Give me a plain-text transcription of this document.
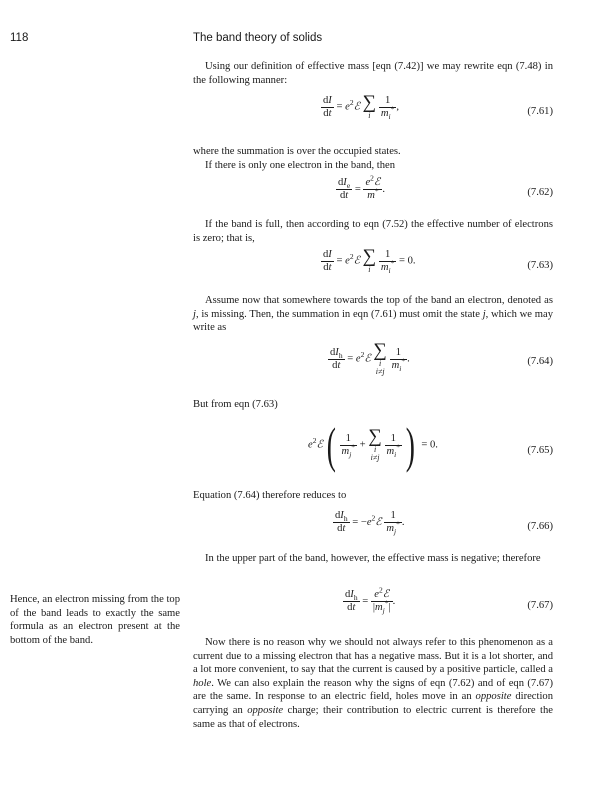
118	The band theory of solids

Using our definition of effective mass [eqn (7.42)] we may rewrite eqn (7.48) in the following manner:

$\frac{dI}{dt}$ = $e^2ℰ$ ∑
i
$\frac{1}{m_i^*}$ ,	(7.61)

where the summation is over the occupied states.

If there is only one electron in the band, then

$\frac{dI_e}{dt} = \frac{e^2ℰ}{m^*}$ .	(7.62)

If the band is full, then according to eqn (7.52) the effective number of electrons is zero; that is,

$\frac{dI}{dt}$ = $e^2ℰ$ ∑
i
$\frac{1}{m_i^*} = 0$.	(7.63)

Assume now that somewhere towards the top of the band an electron, denoted as j, is missing. Then, the summation in eqn (7.61) must omit the state j, which we may write as

$\frac{dI_h}{dt}$ = $e^2ℰ$ ∑
i
i≠j
$\frac{1}{m_i^*}$ .	(7.64)

But from eqn (7.63)

$e^2ℰ( \frac{1}{m_j^*}$ + ∑
i
i≠j
$\frac{1}{m_i^*}$ ) = 0.
(7.65)

Equation (7.64) therefore reduces to

$\frac{dI_h}{dt}$ = $-e^2ℰ \frac{1}{m_j^*}$ .	(7.66)

In the upper part of the band, however, the effective mass is negative; therefore

$\frac{dI_h}{dt} = \frac{e^2ℰ}{|m_j^*|}$ .	(7.67)

Now there is no reason why we should not always refer to this phenomenon as a current due to a missing electron that has a negative mass. But it is a lot shorter, and a lot more convenient, to say that the current is caused by a positive particle, called a hole. We can also explain the reason why the signs of eqn (7.62) and of eqn (7.67) are the same. In response to an electric field, holes move in an opposite direction carrying an opposite charge; their contribution to electric current is therefore the same as that of electrons.

Hence, an electron missing from the top of the band leads to exactly the same formula as an electron present at the bottom of the band.
